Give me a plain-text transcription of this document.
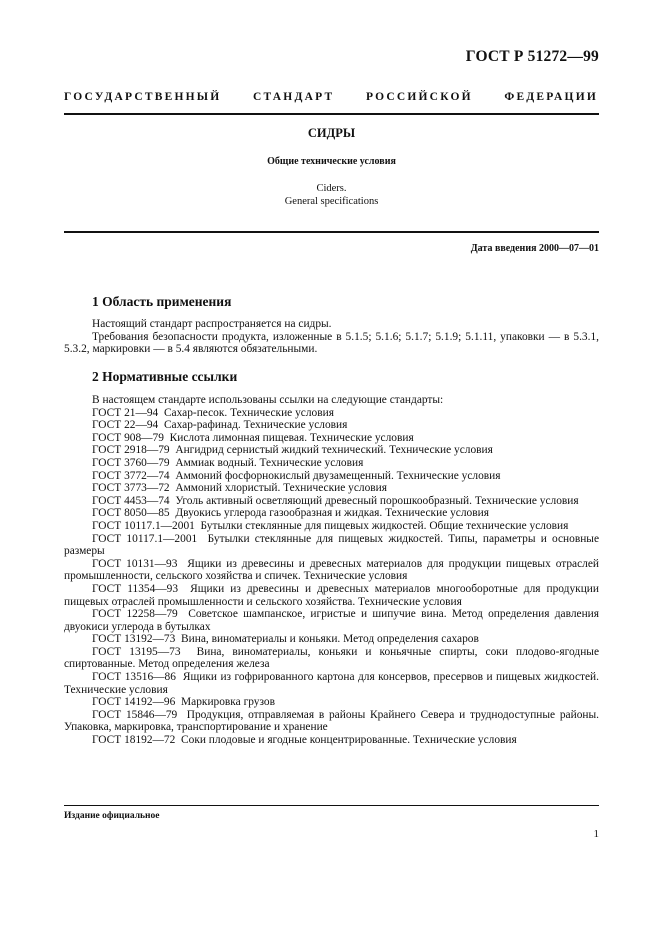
ГОСТ Р 51272—99
ГОСУДАРСТВЕННЫЙ СТАНДАРТ РОССИЙСКОЙ ФЕДЕРАЦИИ
СИДРЫ
Общие технические условия
Ciders.
General specifications
Дата введения 2000—07—01
1 Область применения

Настоящий стандарт распространяется на сидры.

Требования безопасности продукта, изложенные в 5.1.5; 5.1.6; 5.1.7; 5.1.9; 5.1.11, упаковки — в 5.3.1, 5.3.2, маркировки — в 5.4 являются обязательными.

2 Нормативные ссылки

В настоящем стандарте использованы ссылки на следующие стандарты:

ГОСТ 21—94 Сахар-песок. Технические условия

ГОСТ 22—94 Сахар-рафинад. Технические условия

ГОСТ 908—79 Кислота лимонная пищевая. Технические условия

ГОСТ 2918—79 Ангидрид сернистый жидкий технический. Технические условия

ГОСТ 3760—79 Аммиак водный. Технические условия

ГОСТ 3772—74 Аммоний фосфорнокислый двузамещенный. Технические условия

ГОСТ 3773—72 Аммоний хлористый. Технические условия

ГОСТ 4453—74 Уголь активный осветляющий древесный порошкообразный. Технические условия

ГОСТ 8050—85 Двуокись углерода газообразная и жидкая. Технические условия

ГОСТ 10117.1—2001 Бутылки стеклянные для пищевых жидкостей. Общие технические условия

ГОСТ 10117.1—2001 Бутылки стеклянные для пищевых жидкостей. Типы, параметры и основные размеры

ГОСТ 10131—93 Ящики из древесины и древесных материалов для продукции пищевых отраслей промышленности, сельского хозяйства и спичек. Технические условия

ГОСТ 11354—93 Ящики из древесины и древесных материалов многооборотные для продукции пищевых отраслей промышленности и сельского хозяйства. Технические условия

ГОСТ 12258—79 Советское шампанское, игристые и шипучие вина. Метод определения давления двуокиси углерода в бутылках

ГОСТ 13192—73 Вина, виноматериалы и коньяки. Метод определения сахаров

ГОСТ 13195—73 Вина, виноматериалы, коньяки и коньячные спирты, соки плодово-ягодные спиртованные. Метод определения железа

ГОСТ 13516—86 Ящики из гофрированного картона для консервов, пресервов и пищевых жидкостей. Технические условия

ГОСТ 14192—96 Маркировка грузов

ГОСТ 15846—79 Продукция, отправляемая в районы Крайнего Севера и труднодоступные районы. Упаковка, маркировка, транспортирование и хранение

ГОСТ 18192—72 Соки плодовые и ягодные концентрированные. Технические условия

Издание официальное
1
